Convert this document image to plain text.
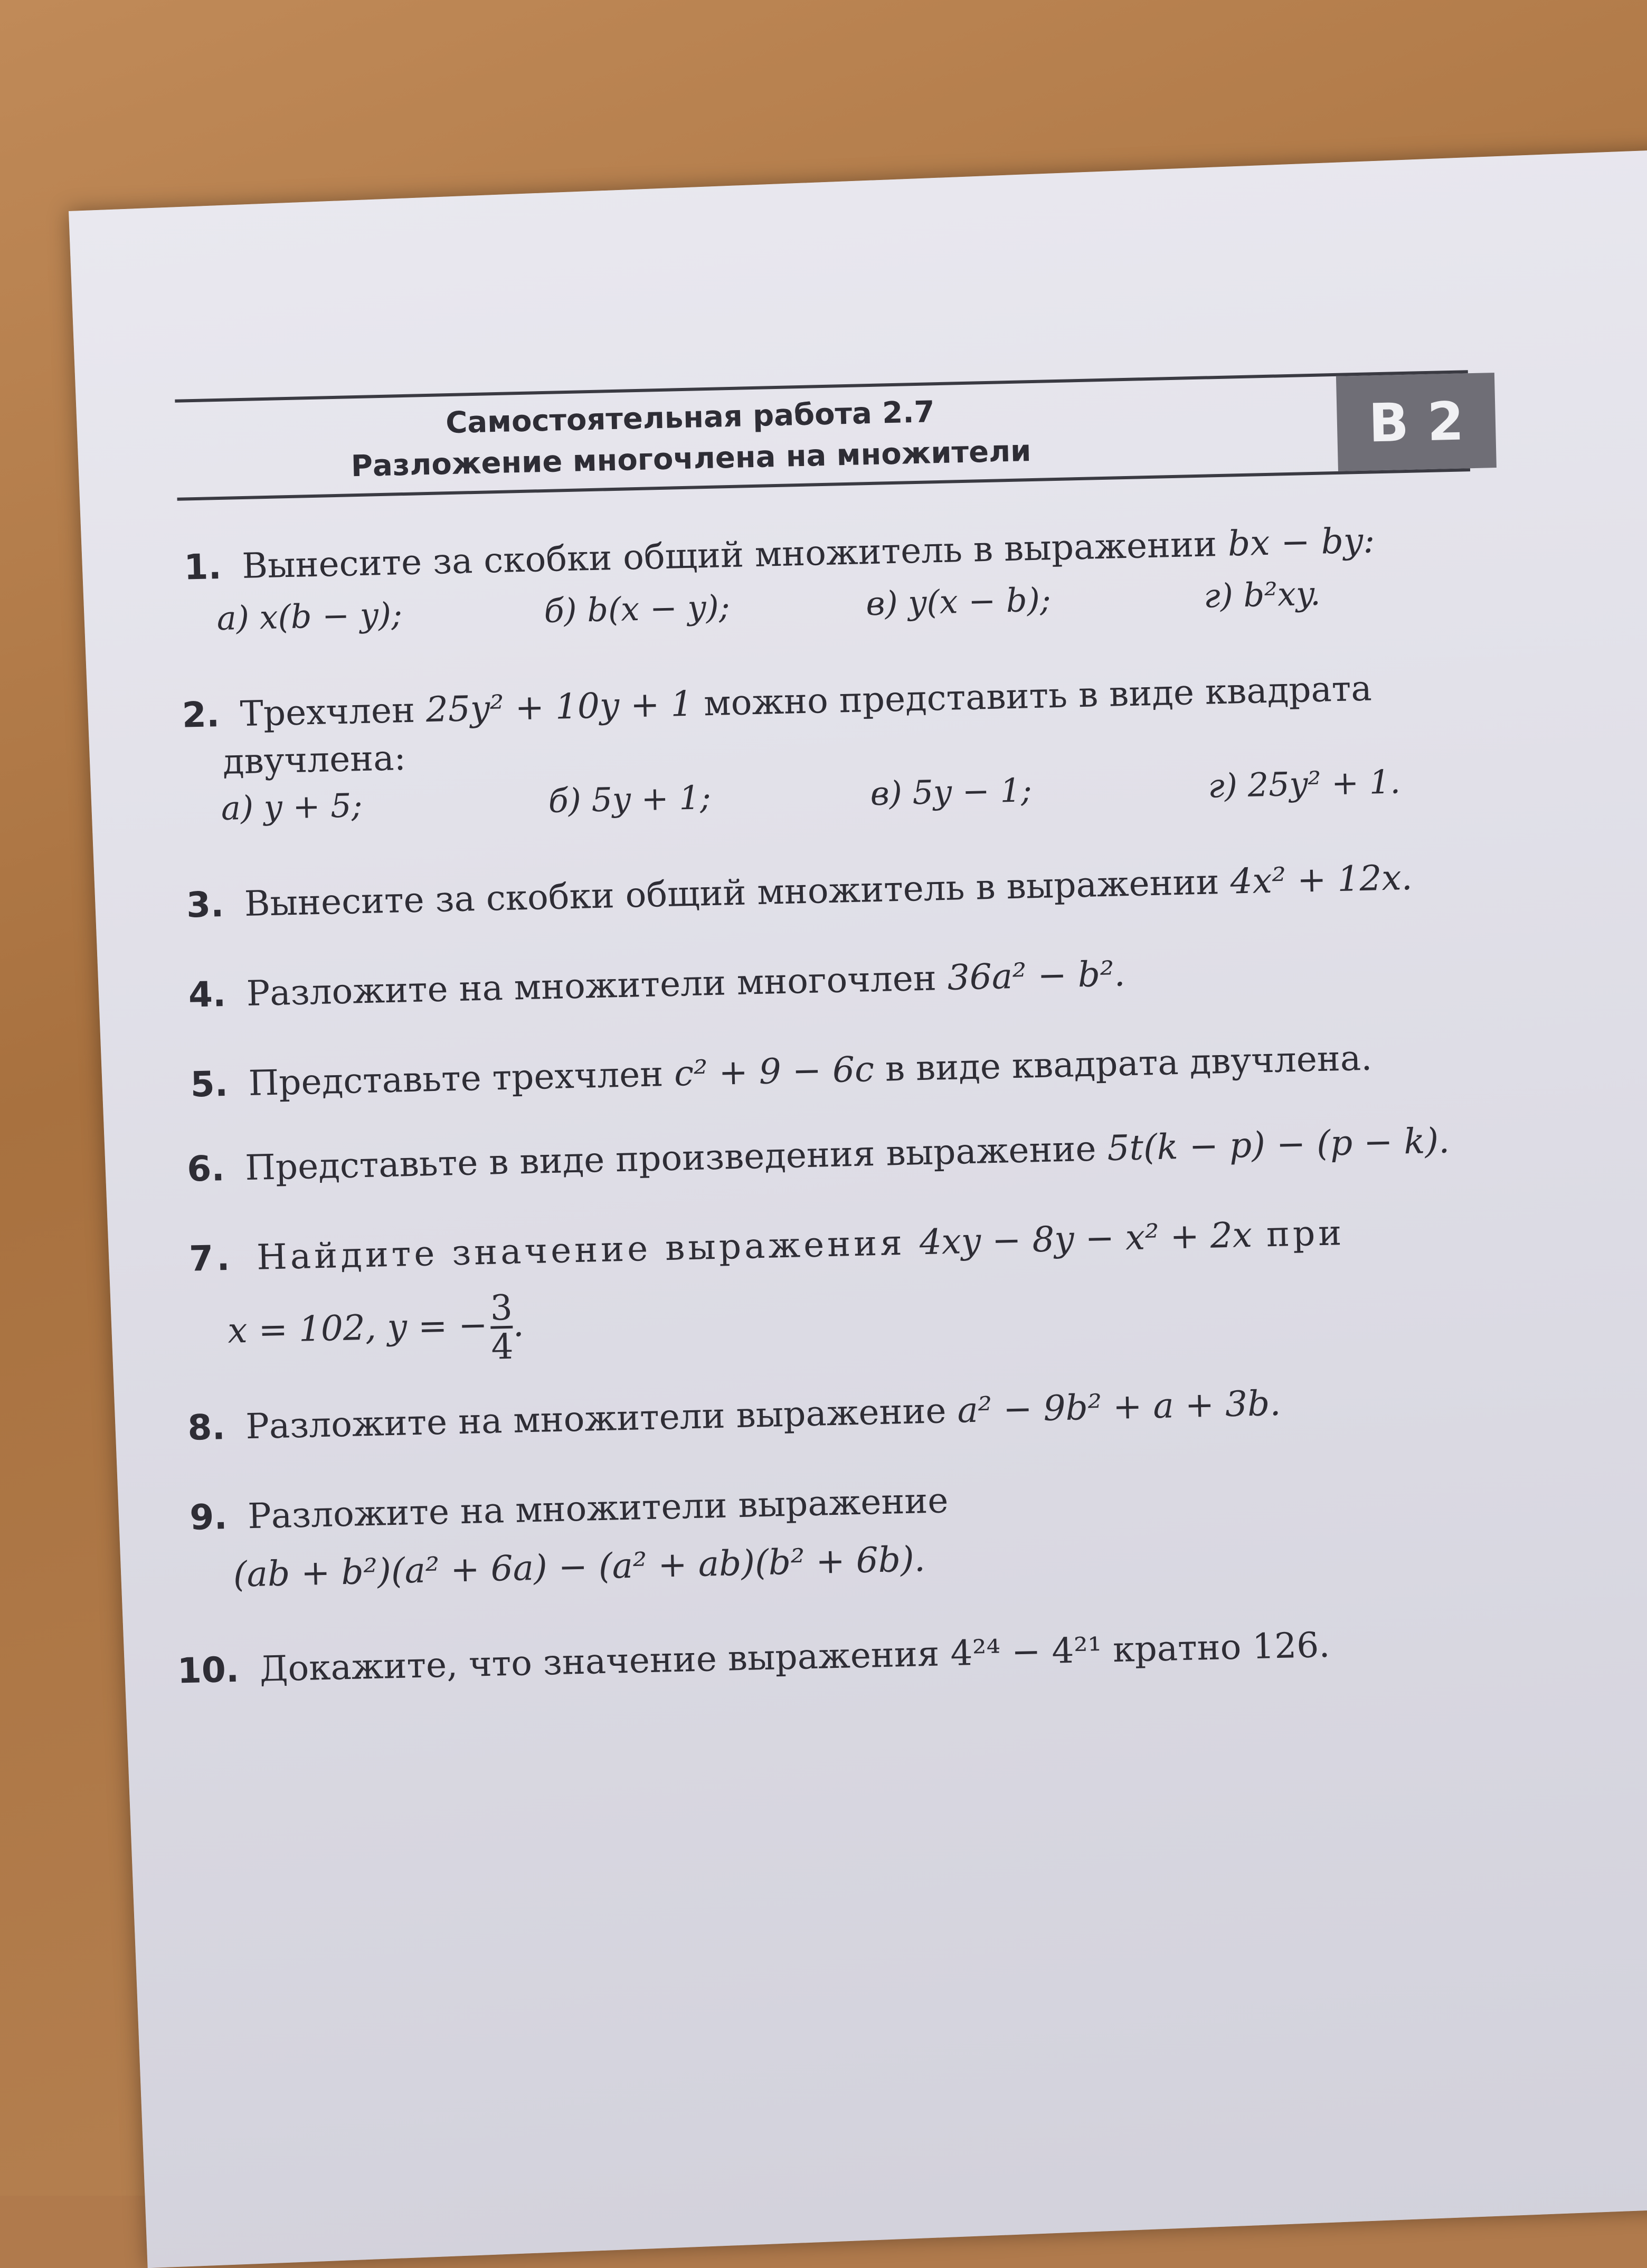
Самостоятельная работа 2.7
Разложение многочлена на множители
В 2
1. Вынесите за скобки общий множитель в выражении bx − by:
а) x(b − y);	б) b(x − y);	в) y(x − b);	г) b²xy.
2. Трехчлен 25y² + 10y + 1 можно представить в виде квадрата
двучлена:
а) y + 5;	б) 5y + 1;	в) 5y − 1;	г) 25y² + 1.
3. Вынесите за скобки общий множитель в выражении 4x² + 12x.
4. Разложите на множители многочлен 36a² − b².
5. Представьте трехчлен c² + 9 − 6c в виде квадрата двучлена.
6. Представьте в виде произведения выражение 5t(k − p) − (p − k).
7. Найдите значение выражения 4xy − 8y − x² + 2x при
x = 102, y = − $\frac{3}{4}$
.
8. Разложите на множители выражение a² − 9b² + a + 3b.
9. Разложите на множители выражение
(ab + b²)(a² + 6a) − (a² + ab)(b² + 6b).
10. Докажите, что значение выражения 4²⁴ − 4²¹ кратно 126.
